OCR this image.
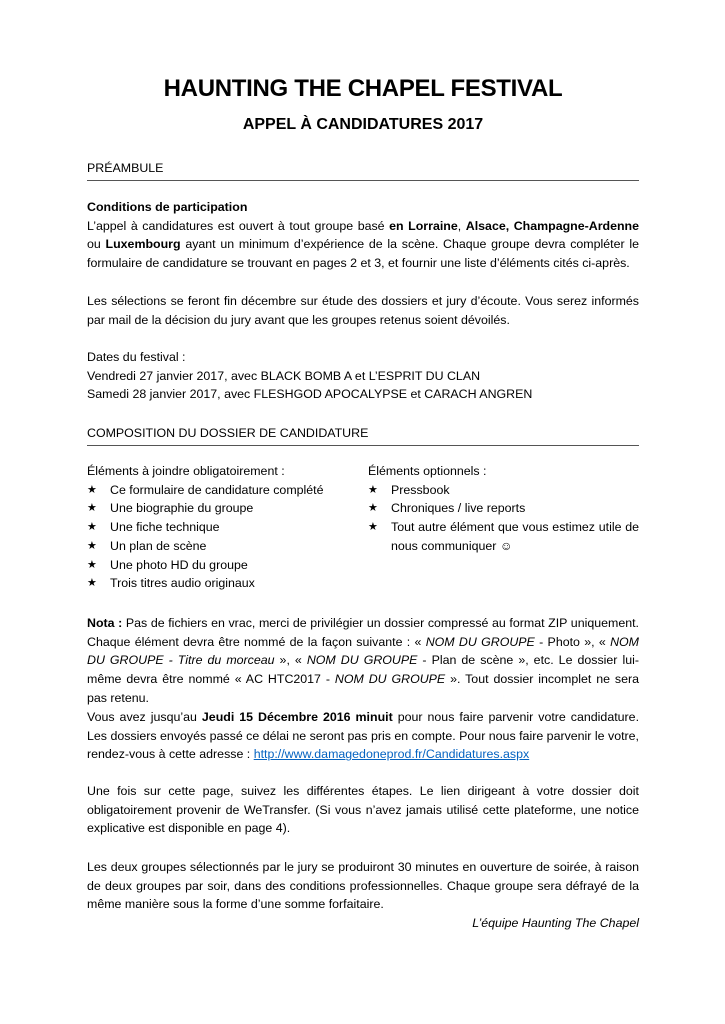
HAUNTING THE CHAPEL FESTIVAL
APPEL À CANDIDATURES 2017
PRÉAMBULE

Conditions de participation

L’appel à candidatures est ouvert à tout groupe basé en Lorraine, Alsace, Champagne-Ardenne ou Luxembourg ayant un minimum d’expérience de la scène. Chaque groupe devra compléter le formulaire de candidature se trouvant en pages 2 et 3, et fournir une liste d’éléments cités ci-après.

Les sélections se feront fin décembre sur étude des dossiers et jury d’écoute. Vous serez informés par mail de la décision du jury avant que les groupes retenus soient dévoilés.

Dates du festival :

Vendredi 27 janvier 2017, avec BLACK BOMB A et L’ESPRIT DU CLAN

Samedi 28 janvier 2017, avec FLESHGOD APOCALYPSE et CARACH ANGREN

COMPOSITION DU DOSSIER DE CANDIDATURE

Éléments à joindre obligatoirement :

★ Ce formulaire de candidature complété
★ Une biographie du groupe
★ Une fiche technique
★ Un plan de scène
★ Une photo HD du groupe
★ Trois titres audio originaux

Éléments optionnels :

★ Pressbook
★ Chroniques / live reports
★ Tout autre élément que vous estimez utile de nous communiquer ☺

Nota : Pas de fichiers en vrac, merci de privilégier un dossier compressé au format ZIP uniquement. Chaque élément devra être nommé de la façon suivante : « NOM DU GROUPE - Photo », « NOM DU GROUPE - Titre du morceau », « NOM DU GROUPE - Plan de scène », etc. Le dossier lui-même devra être nommé « AC HTC2017 - NOM DU GROUPE ». Tout dossier incomplet ne sera pas retenu.

Vous avez jusqu’au Jeudi 15 Décembre 2016 minuit pour nous faire parvenir votre candidature. Les dossiers envoyés passé ce délai ne seront pas pris en compte. Pour nous faire parvenir le votre, rendez-vous à cette adresse : http://www.damagedoneprod.fr/Candidatures.aspx

Une fois sur cette page, suivez les différentes étapes. Le lien dirigeant à votre dossier doit obligatoirement provenir de WeTransfer. (Si vous n’avez jamais utilisé cette plateforme, une notice explicative est disponible en page 4).

Les deux groupes sélectionnés par le jury se produiront 30 minutes en ouverture de soirée, à raison de deux groupes par soir, dans des conditions professionnelles. Chaque groupe sera défrayé de la même manière sous la forme d’une somme forfaitaire.

L’équipe Haunting The Chapel
